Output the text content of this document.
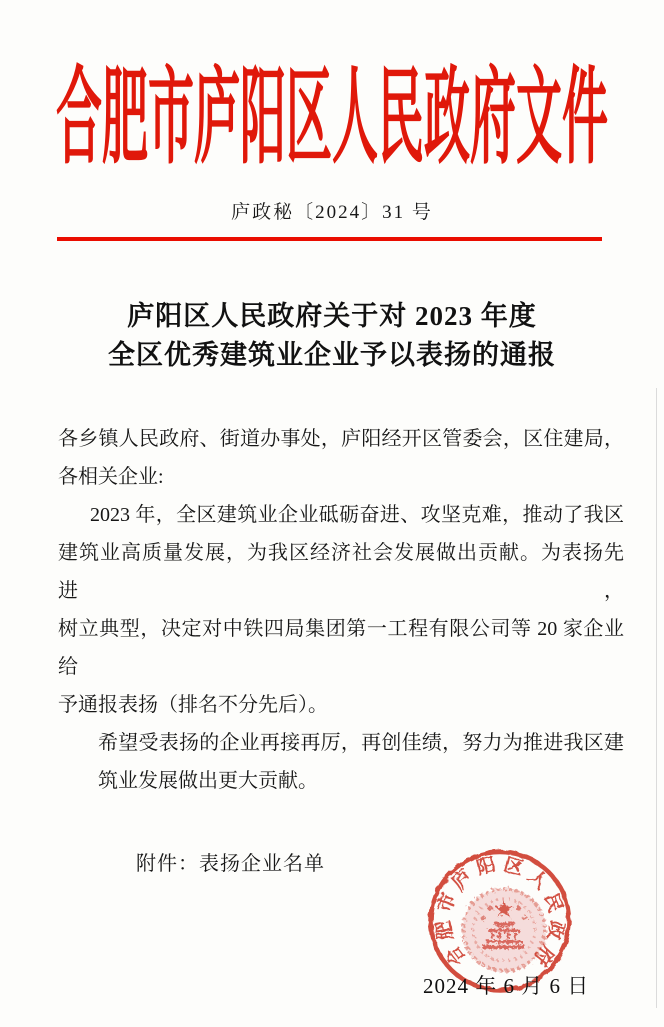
合肥市庐阳区人民政府文件
庐政秘〔2024〕31 号
庐阳区人民政府关于对 2023 年度
全区优秀建筑业企业予以表扬的通报
各乡镇人民政府、街道办事处，庐阳经开区管委会，区住建局，
各相关企业:
2023 年，全区建筑业企业砥砺奋进、攻坚克难，推动了我区
建筑业高质量发展，为我区经济社会发展做出贡献。为表扬先进，
树立典型，决定对中铁四局集团第一工程有限公司等 20 家企业给
予通报表扬（排名不分先后）。
希望受表扬的企业再接再厉，再创佳绩，努力为推进我区建
筑业发展做出更大贡献。
附件：表扬企业名单
合
肥
市
庐
阳 区
人
民
政
府
2024 年 6 月 6 日
